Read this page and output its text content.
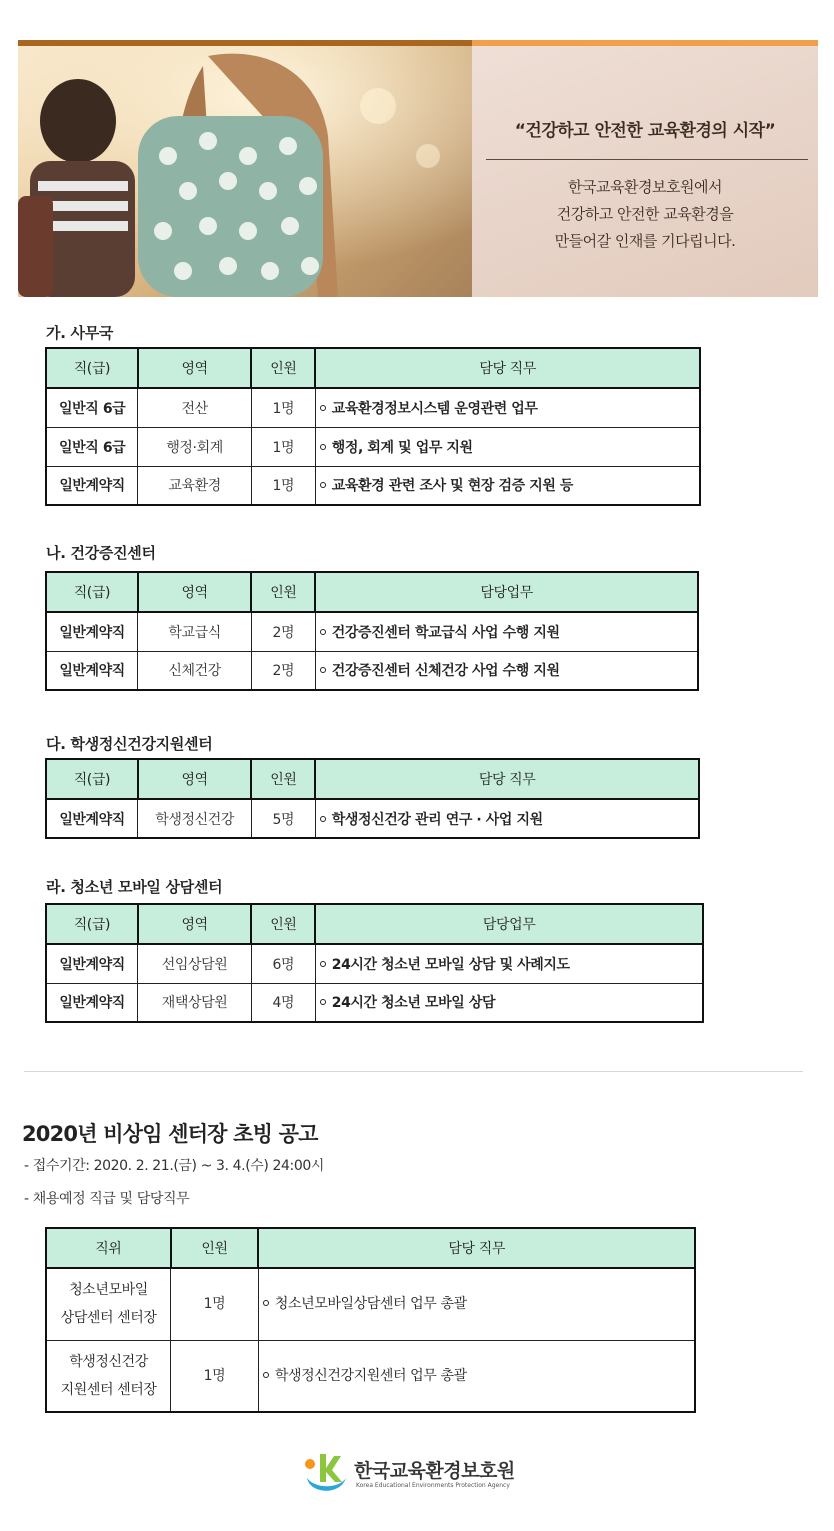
“건강하고 안전한 교육환경의 시작”
한국교육환경보호원에서
건강하고 안전한 교육환경을
만들어갈 인재를 기다립니다.
가. 사무국
직(급)	영역	인원	담당 직무
일반직 6급	전산	1명	교육환경정보시스템 운영관련 업무
일반직 6급	행정·회계	1명	행정, 회계 및 업무 지원
일반계약직	교육환경	1명	교육환경 관련 조사 및 현장 검증 지원 등
나. 건강증진센터
직(급)	영역	인원	담당업무
일반계약직	학교급식	2명	건강증진센터 학교급식 사업 수행 지원
일반계약직	신체건강	2명	건강증진센터 신체건강 사업 수행 지원
다. 학생정신건강지원센터
직(급)	영역	인원	담당 직무
일반계약직	학생정신건강	5명	학생정신건강 관리 연구 · 사업 지원
라. 청소년 모바일 상담센터
직(급)	영역	인원	담당업무
일반계약직	선임상담원	6명	24시간 청소년 모바일 상담 및 사례지도
일반계약직	재택상담원	4명	24시간 청소년 모바일 상담
2020년 비상임 센터장 초빙 공고
- 접수기간: 2020. 2. 21.(금) ~ 3. 4.(수) 24:00시
- 채용예정 직급 및 담당직무
직위	인원	담당 직무
청소년모바일
상담센터 센터장	1명	청소년모바일상담센터 업무 총괄
학생정신건강
지원센터 센터장	1명	학생정신건강지원센터 업무 총괄
한국교육환경보호원
Korea Educational Environments Protection Agency
